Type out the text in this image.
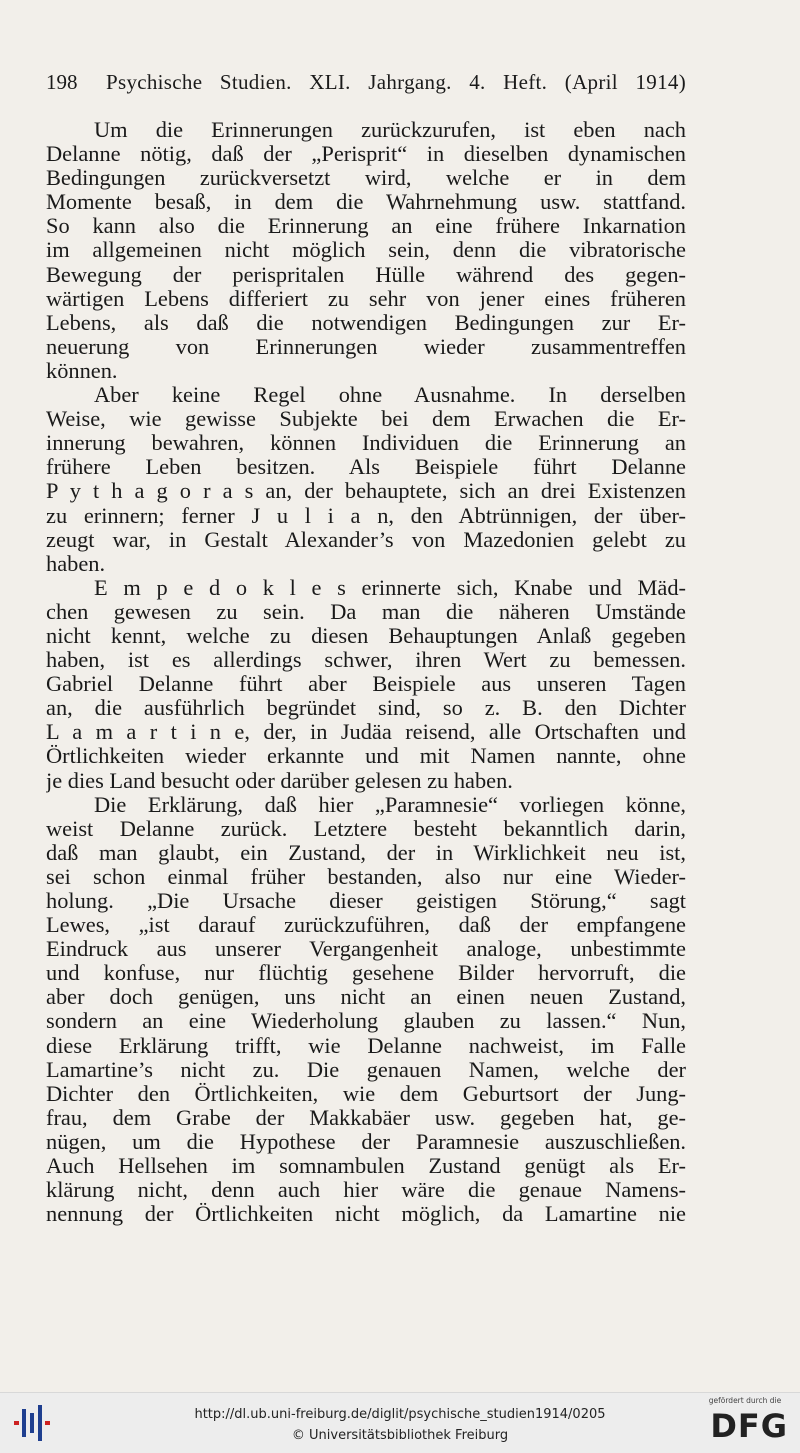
198	Psychische Studien. XLI. Jahrgang. 4. Heft. (April 1914)
Um die Erinnerungen zurückzurufen, ist eben nach
Delanne nötig, daß der „Perisprit“ in dieselben dynamischen
Bedingungen zurückversetzt wird, welche er in dem
Momente besaß, in dem die Wahrnehmung usw. stattfand.
So kann also die Erinnerung an eine frühere Inkarnation
im allgemeinen nicht möglich sein, denn die vibratorische
Bewegung der perispritalen Hülle während des gegen-
wärtigen Lebens differiert zu sehr von jener eines früheren
Lebens, als daß die notwendigen Bedingungen zur Er-
neuerung von Erinnerungen wieder zusammentreffen
können.
Aber keine Regel ohne Ausnahme. In derselben
Weise, wie gewisse Subjekte bei dem Erwachen die Er-
innerung bewahren, können Individuen die Erinnerung an
frühere Leben besitzen. Als Beispiele führt Delanne
P y t h a g o r a s an, der behauptete, sich an drei Existenzen
zu erinnern; ferner J u l i a n, den Abtrünnigen, der über-
zeugt war, in Gestalt Alexander’s von Mazedonien gelebt zu
haben.
E m p e d o k l e s erinnerte sich, Knabe und Mäd-
chen gewesen zu sein. Da man die näheren Umstände
nicht kennt, welche zu diesen Behauptungen Anlaß gegeben
haben, ist es allerdings schwer, ihren Wert zu bemessen.
Gabriel Delanne führt aber Beispiele aus unseren Tagen
an, die ausführlich begründet sind, so z. B. den Dichter
L a m a r t i n e, der, in Judäa reisend, alle Ortschaften und
Örtlichkeiten wieder erkannte und mit Namen nannte, ohne
je dies Land besucht oder darüber gelesen zu haben.
Die Erklärung, daß hier „Paramnesie“ vorliegen könne,
weist Delanne zurück. Letztere besteht bekanntlich darin,
daß man glaubt, ein Zustand, der in Wirklichkeit neu ist,
sei schon einmal früher bestanden, also nur eine Wieder-
holung. „Die Ursache dieser geistigen Störung,“ sagt
Lewes, „ist darauf zurückzuführen, daß der empfangene
Eindruck aus unserer Vergangenheit analoge, unbestimmte
und konfuse, nur flüchtig gesehene Bilder hervorruft, die
aber doch genügen, uns nicht an einen neuen Zustand,
sondern an eine Wiederholung glauben zu lassen.“ Nun,
diese Erklärung trifft, wie Delanne nachweist, im Falle
Lamartine’s nicht zu. Die genauen Namen, welche der
Dichter den Örtlichkeiten, wie dem Geburtsort der Jung-
frau, dem Grabe der Makkabäer usw. gegeben hat, ge-
nügen, um die Hypothese der Paramnesie auszuschließen.
Auch Hellsehen im somnambulen Zustand genügt als Er-
klärung nicht, denn auch hier wäre die genaue Namens-
nennung der Örtlichkeiten nicht möglich, da Lamartine nie
http://dl.ub.uni-freiburg.de/diglit/psychische_studien1914/0205
© Universitätsbibliothek Freiburg
gefördert durch die
DFG
